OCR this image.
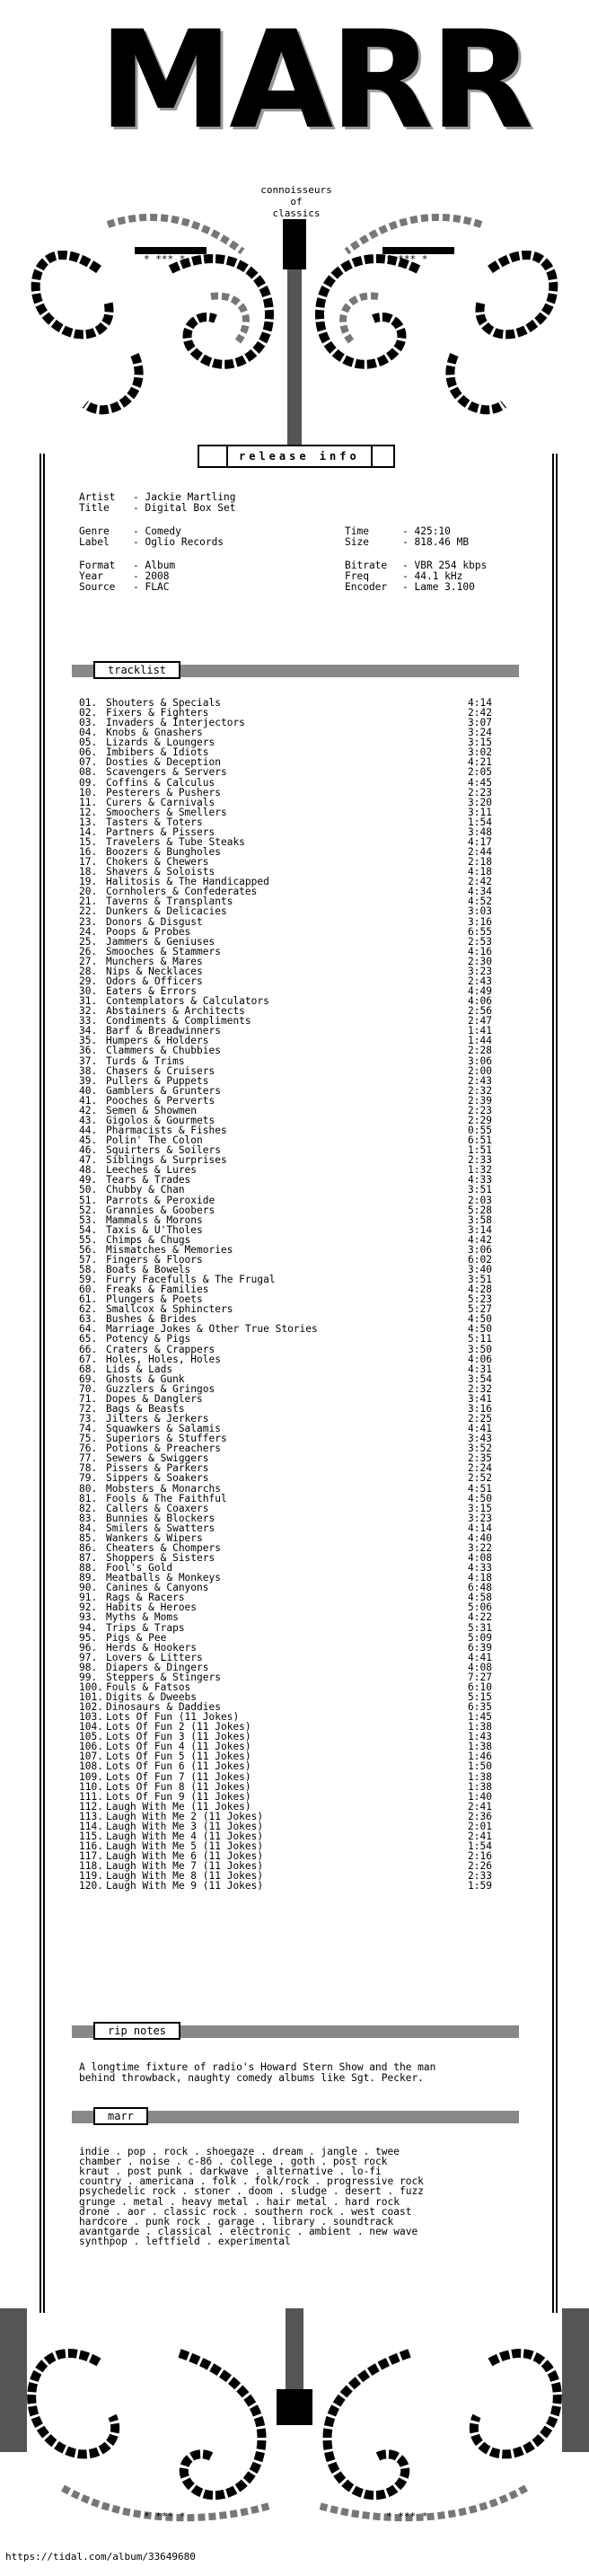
* *** *	* *** *
MARR
connoisseurs
of
classics
release info
Artist - Jackie Martling
Title - Digital Box Set
Genre - Comedy
Label - Oglio Records
Time	- 425:10
Size	- 818.46 MB
Format - Album
Year	- 2008
Source - FLAC
Bitrate - VBR 254 kbps
Freq	- 44.1 kHz
Encoder - Lame 3.100
tracklist
01. Shouters & Specials	4:14
02. Fixers & Fighters	2:42
03. Invaders & Interjectors	3:07
04. Knobs & Gnashers	3:24
05. Lizards & Loungers	3:15
06. Imbibers & Idiots	3:02
07. Dosties & Deception	4:21
08. Scavengers & Servers	2:05
09. Coffins & Calculus	4:45
10. Pesterers & Pushers	2:23
11. Curers & Carnivals	3:20
12. Smoochers & Smellers	3:11
13. Tasters & Toters	1:54
14. Partners & Pissers	3:48
15. Travelers & Tube Steaks	4:17
16. Boozers & Bungholes	2:44
17. Chokers & Chewers	2:18
18. Shavers & Soloists	4:18
19. Halitosis & The Handicapped	2:42
20. Cornholers & Confederates	4:34
21. Taverns & Transplants	4:52
22. Dunkers & Delicacies	3:03
23. Donors & Disgust	3:16
24. Poops & Probes	6:55
25. Jammers & Geniuses	2:53
26. Smooches & Stammers	4:16
27. Munchers & Mares	2:30
28. Nips & Necklaces	3:23
29. Odors & Officers	2:43
30. Eaters & Errors	4:49
31. Contemplators & Calculators	4:06
32. Abstainers & Architects	2:56
33. Condiments & Compliments	2:47
34. Barf & Breadwinners	1:41
35. Humpers & Holders	1:44
36. Clammers & Chubbies	2:28
37. Turds & Trims	3:06
38. Chasers & Cruisers	2:00
39. Pullers & Puppets	2:43
40. Gamblers & Grunters	2:32
41. Pooches & Perverts	2:39
42. Semen & Showmen	2:23
43. Gigolos & Gourmets	2:29
44. Pharmacists & Fishes	0:55
45. Polin' The Colon	6:51
46. Squirters & Soilers	1:51
47. Siblings & Surprises	2:33
48. Leeches & Lures	1:32
49. Tears & Trades	4:33
50. Chubby & Chan	3:51
51. Parrots & Peroxide	2:03
52. Grannies & Goobers	5:28
53. Mammals & Morons	3:58
54. Taxis & U'Tholes	3:14
55. Chimps & Chugs	4:42
56. Mismatches & Memories	3:06
57. Fingers & Floors	6:02
58. Boats & Bowels	3:40
59. Furry Facefulls & The Frugal	3:51
60. Freaks & Families	4:28
61. Plungers & Poets	5:23
62. Smallcox & Sphincters	5:27
63. Bushes & Brides	4:50
64. Marriage Jokes & Other True Stories	4:50
65. Potency & Pigs	5:11
66. Craters & Crappers	3:50
67. Holes, Holes, Holes	4:06
68. Lids & Lads	4:31
69. Ghosts & Gunk	3:54
70. Guzzlers & Gringos	2:32
71. Dopes & Danglers	3:41
72. Bags & Beasts	3:16
73. Jilters & Jerkers	2:25
74. Squawkers & Salamis	4:41
75. Superiors & Stuffers	3:43
76. Potions & Preachers	3:52
77. Sewers & Swiggers	2:35
78. Pissers & Parkers	2:24
79. Sippers & Soakers	2:52
80. Mobsters & Monarchs	4:51
81. Fools & The Faithful	4:50
82. Callers & Coaxers	3:15
83. Bunnies & Blockers	3:23
84. Smilers & Swatters	4:14
85. Wankers & Wipers	4:40
86. Cheaters & Chompers	3:22
87. Shoppers & Sisters	4:08
88. Fool's Gold	4:33
89. Meatballs & Monkeys	4:18
90. Canines & Canyons	6:48
91. Rags & Racers	4:58
92. Habits & Heroes	5:06
93. Myths & Moms	4:22
94. Trips & Traps	5:31
95. Pigs & Pee	5:09
96. Herds & Hookers	6:39
97. Lovers & Litters	4:41
98. Diapers & Dingers	4:08
99. Steppers & Stingers	7:27
100. Fouls & Fatsos	6:10
101. Digits & Dweebs	5:15
102. Dinosaurs & Daddies	6:35
103. Lots Of Fun (11 Jokes)	1:45
104. Lots Of Fun 2 (11 Jokes)	1:38
105. Lots Of Fun 3 (11 Jokes)	1:43
106. Lots Of Fun 4 (11 Jokes)	1:38
107. Lots Of Fun 5 (11 Jokes)	1:46
108. Lots Of Fun 6 (11 Jokes)	1:50
109. Lots Of Fun 7 (11 Jokes)	1:38
110. Lots Of Fun 8 (11 Jokes)	1:38
111. Lots Of Fun 9 (11 Jokes)	1:40
112. Laugh With Me (11 Jokes)	2:41
113. Laugh With Me 2 (11 Jokes)	2:36
114. Laugh With Me 3 (11 Jokes)	2:01
115. Laugh With Me 4 (11 Jokes)	2:41
116. Laugh With Me 5 (11 Jokes)	1:54
117. Laugh With Me 6 (11 Jokes)	2:16
118. Laugh With Me 7 (11 Jokes)	2:26
119. Laugh With Me 8 (11 Jokes)	2:33
120. Laugh With Me 9 (11 Jokes)	1:59
rip notes
A longtime fixture of radio's Howard Stern Show and the man
behind throwback, naughty comedy albums like Sgt. Pecker.
marr
indie . pop . rock . shoegaze . dream . jangle . twee
chamber . noise . c-86 . college . goth . post rock
kraut . post punk . darkwave . alternative . lo-fi
country . americana . folk . folk/rock . progressive rock
psychedelic rock . stoner . doom . sludge . desert . fuzz
grunge . metal . heavy metal . hair metal . hard rock
drone . aor . classic rock . southern rock . west coast
hardcore . punk rock . garage . library . soundtrack
avantgarde . classical . electronic . ambient . new wave
synthpop . leftfield . experimental
* *** *	* *** *
https://tidal.com/album/33649680
